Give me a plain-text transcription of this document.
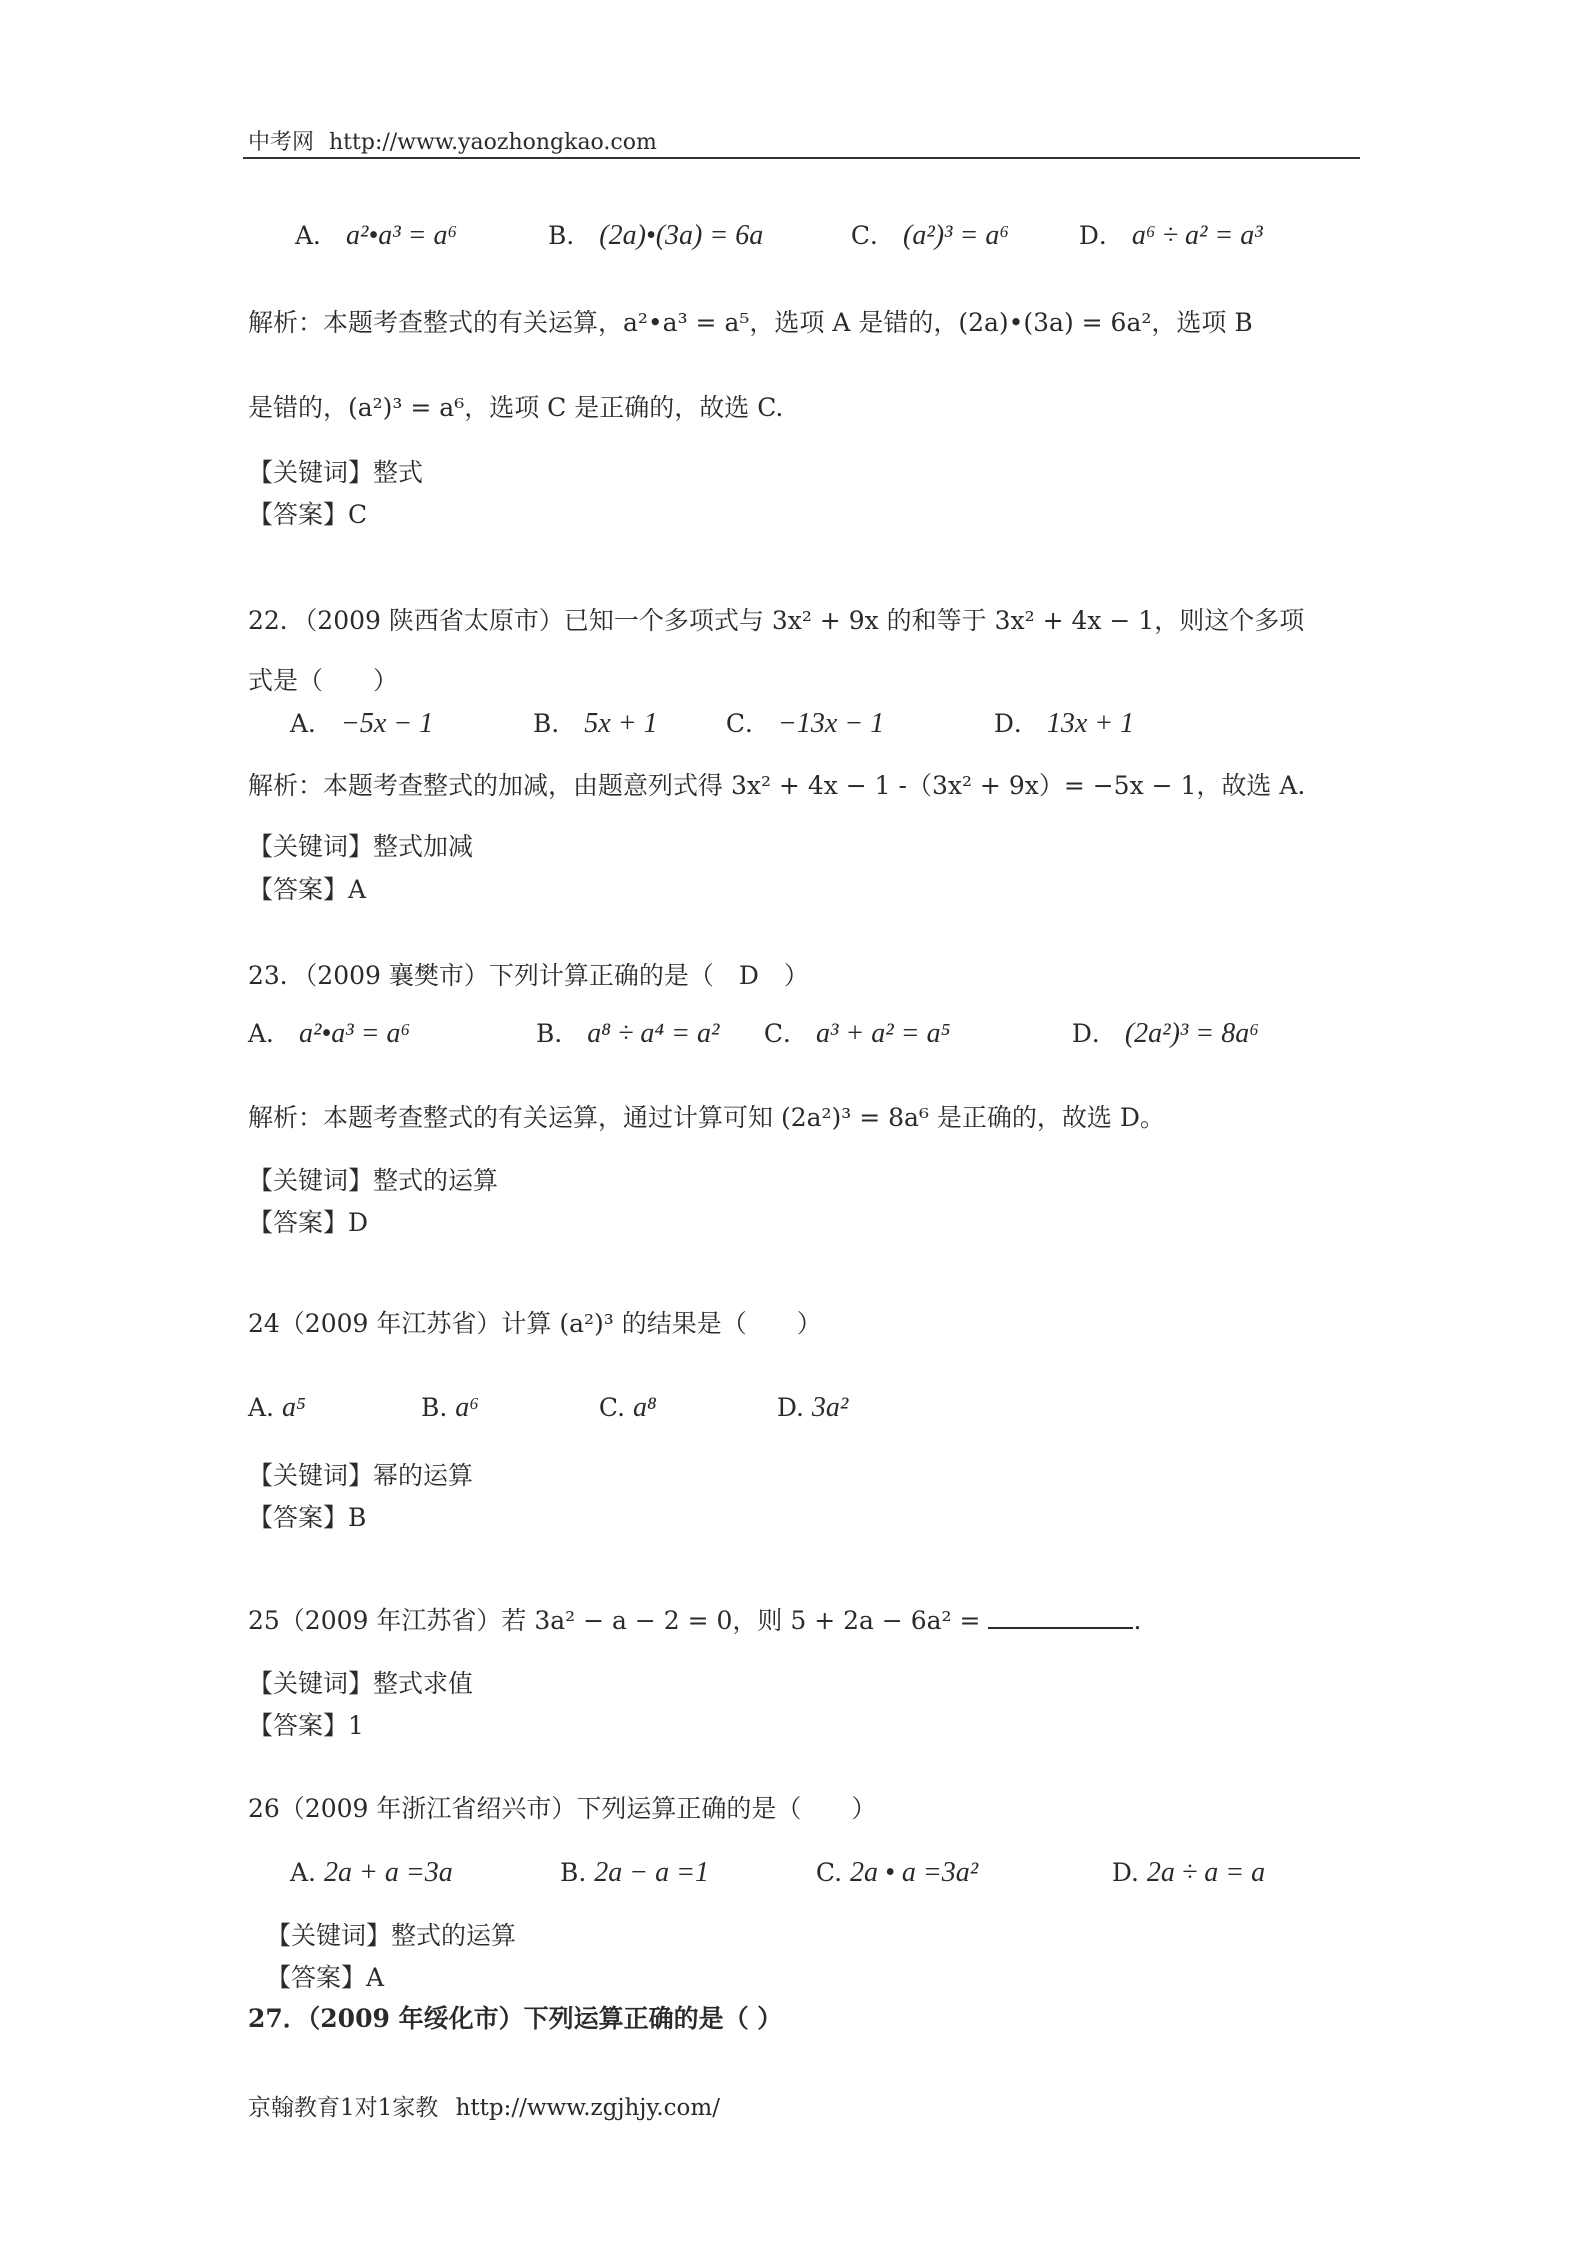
中考网 http://www.yaozhongkao.com
A． a²•a³ = a⁶	B． (2a)•(3a) = 6a	C． (a²)³ = a⁶	D． a⁶ ÷ a² = a³
解析：本题考查整式的有关运算，a²•a³ = a⁵，选项 A 是错的，(2a)•(3a) = 6a²，选项 B
是错的，(a²)³ = a⁶，选项 C 是正确的，故选 C.
【关键词】整式
【答案】C
22．（2009 陕西省太原市）已知一个多项式与 3x² + 9x 的和等于 3x² + 4x − 1，则这个多项
式是（　　）
A． −5x − 1	B． 5x + 1	C． −13x − 1	D． 13x + 1
解析：本题考查整式的加减，由题意列式得 3x² + 4x − 1 -（3x² + 9x）= −5x − 1，故选 A.
【关键词】整式加减
【答案】A
23．（2009 襄樊市）下列计算正确的是（　D　）
A． a²•a³ = a⁶	B． a⁸ ÷ a⁴ = a² C． a³ + a² = a⁵	D． (2a²)³ = 8a⁶
解析：本题考查整式的有关运算，通过计算可知 (2a²)³ = 8a⁶ 是正确的，故选 D。
【关键词】整式的运算
【答案】D
24（2009 年江苏省）计算 (a²)³ 的结果是（　　）
A. a⁵	B. a⁶	C. a⁸	D. 3a²
【关键词】幂的运算
【答案】B
25（2009 年江苏省）若 3a² − a − 2 = 0，则 5 + 2a − 6a² =	.
【关键词】整式求值
【答案】1
26（2009 年浙江省绍兴市）下列运算正确的是（　　）
A. 2a + a =3a	B. 2a − a =1	C. 2a • a =3a²	D. 2a ÷ a = a
【关键词】整式的运算
【答案】A
27．（2009 年绥化市）下列运算正确的是（ ）
京翰教育1对1家教 http://www.zgjhjy.com/
